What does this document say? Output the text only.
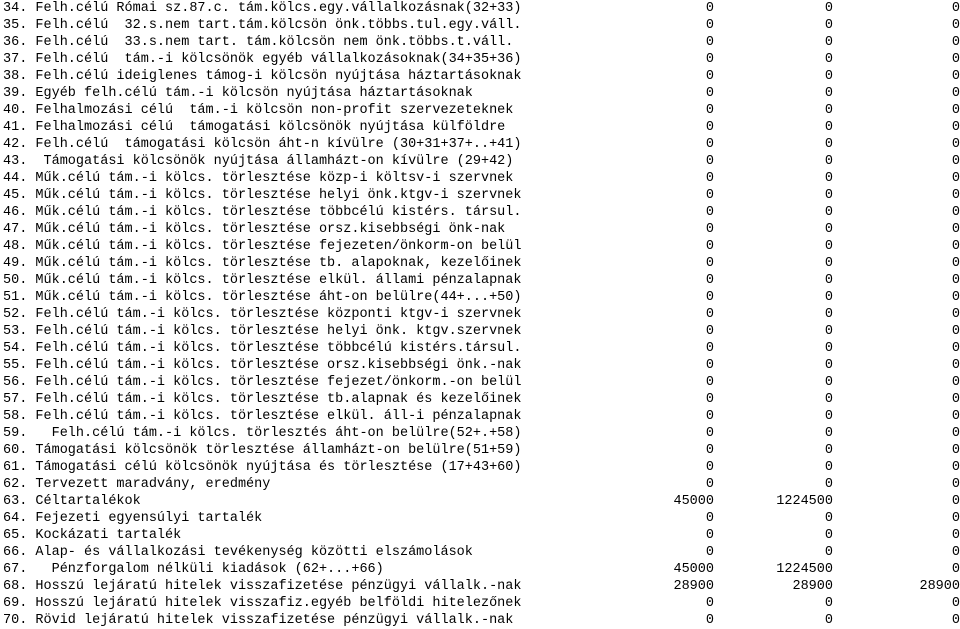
34. Felh.célú Római sz.87.c. tám.kölcs.egy.vállalkozásnak(32+33)	0	0	0
35. Felh.célú  32.s.nem tart.tám.kölcsön önk.többs.tul.egy.váll.	0	0	0
36. Felh.célú  33.s.nem tart. tám.kölcsön nem önk.többs.t.váll.	0	0	0
37. Felh.célú  tám.-i kölcsönök egyéb vállalkozásoknak(34+35+36)	0	0	0
38. Felh.célú ideiglenes támog-i kölcsön nyújtása háztartásoknak	0	0	0
39. Egyéb felh.célú tám.-i kölcsön nyújtása háztartásoknak	0	0	0
40. Felhalmozási célú  tám.-i kölcsön non-profit szervezeteknek	0	0	0
41. Felhalmozási célú  támogatási kölcsönök nyújtása külföldre	0	0	0
42. Felh.célú  támogatási kölcsön áht-n kívülre (30+31+37+..+41)	0	0	0
43.  Támogatási kölcsönök nyújtása államházt-on kívülre (29+42)	0	0	0
44. Műk.célú tám.-i kölcs. törlesztése közp-i költsv-i szervnek	0	0	0
45. Műk.célú tám.-i kölcs. törlesztése helyi önk.ktgv-i szervnek	0	0	0
46. Műk.célú tám.-i kölcs. törlesztése többcélú kistérs. társul.	0	0	0
47. Műk.célú tám.-i kölcs. törlesztése orsz.kisebbségi önk-nak	0	0	0
48. Műk.célú tám.-i kölcs. törlesztése fejezeten/önkorm-on belül	0	0	0
49. Műk.célú tám.-i kölcs. törlesztése tb. alapoknak, kezelőinek	0	0	0
50. Műk.célú tám.-i kölcs. törlesztése elkül. állami pénzalapnak	0	0	0
51. Műk.célú tám.-i kölcs. törlesztése áht-on belülre(44+...+50)	0	0	0
52. Felh.célú tám.-i kölcs. törlesztése központi ktgv-i szervnek	0	0	0
53. Felh.célú tám.-i kölcs. törlesztése helyi önk. ktgv.szervnek	0	0	0
54. Felh.célú tám.-i kölcs. törlesztése többcélú kistérs.társul.	0	0	0
55. Felh.célú tám.-i kölcs. törlesztése orsz.kisebbségi önk.-nak	0	0	0
56. Felh.célú tám.-i kölcs. törlesztése fejezet/önkorm.-on belül	0	0	0
57. Felh.célú tám.-i kölcs. törlesztése tb.alapnak és kezelőinek	0	0	0
58. Felh.célú tám.-i kölcs. törlesztése elkül. áll-i pénzalapnak	0	0	0
59.   Felh.célú tám.-i kölcs. törlesztés áht-on belülre(52+.+58)	0	0	0
60. Támogatási kölcsönök törlesztése államházt-on belülre(51+59)	0	0	0
61. Támogatási célú kölcsönök nyújtása és törlesztése (17+43+60)	0	0	0
62. Tervezett maradvány, eredmény	0	0	0
63. Céltartalékok	45000	1224500	0
64. Fejezeti egyensúlyi tartalék	0	0	0
65. Kockázati tartalék	0	0	0
66. Alap- és vállalkozási tevékenység közötti elszámolások	0	0	0
67.   Pénzforgalom nélküli kiadások (62+...+66)	45000	1224500	0
68. Hosszú lejáratú hitelek visszafizetése pénzügyi vállalk.-nak	28900	28900	28900
69. Hosszú lejáratú hitelek visszafiz.egyéb belföldi hitelezőnek	0	0	0
70. Rövid lejáratú hitelek visszafizetése pénzügyi vállalk.-nak	0	0	0
